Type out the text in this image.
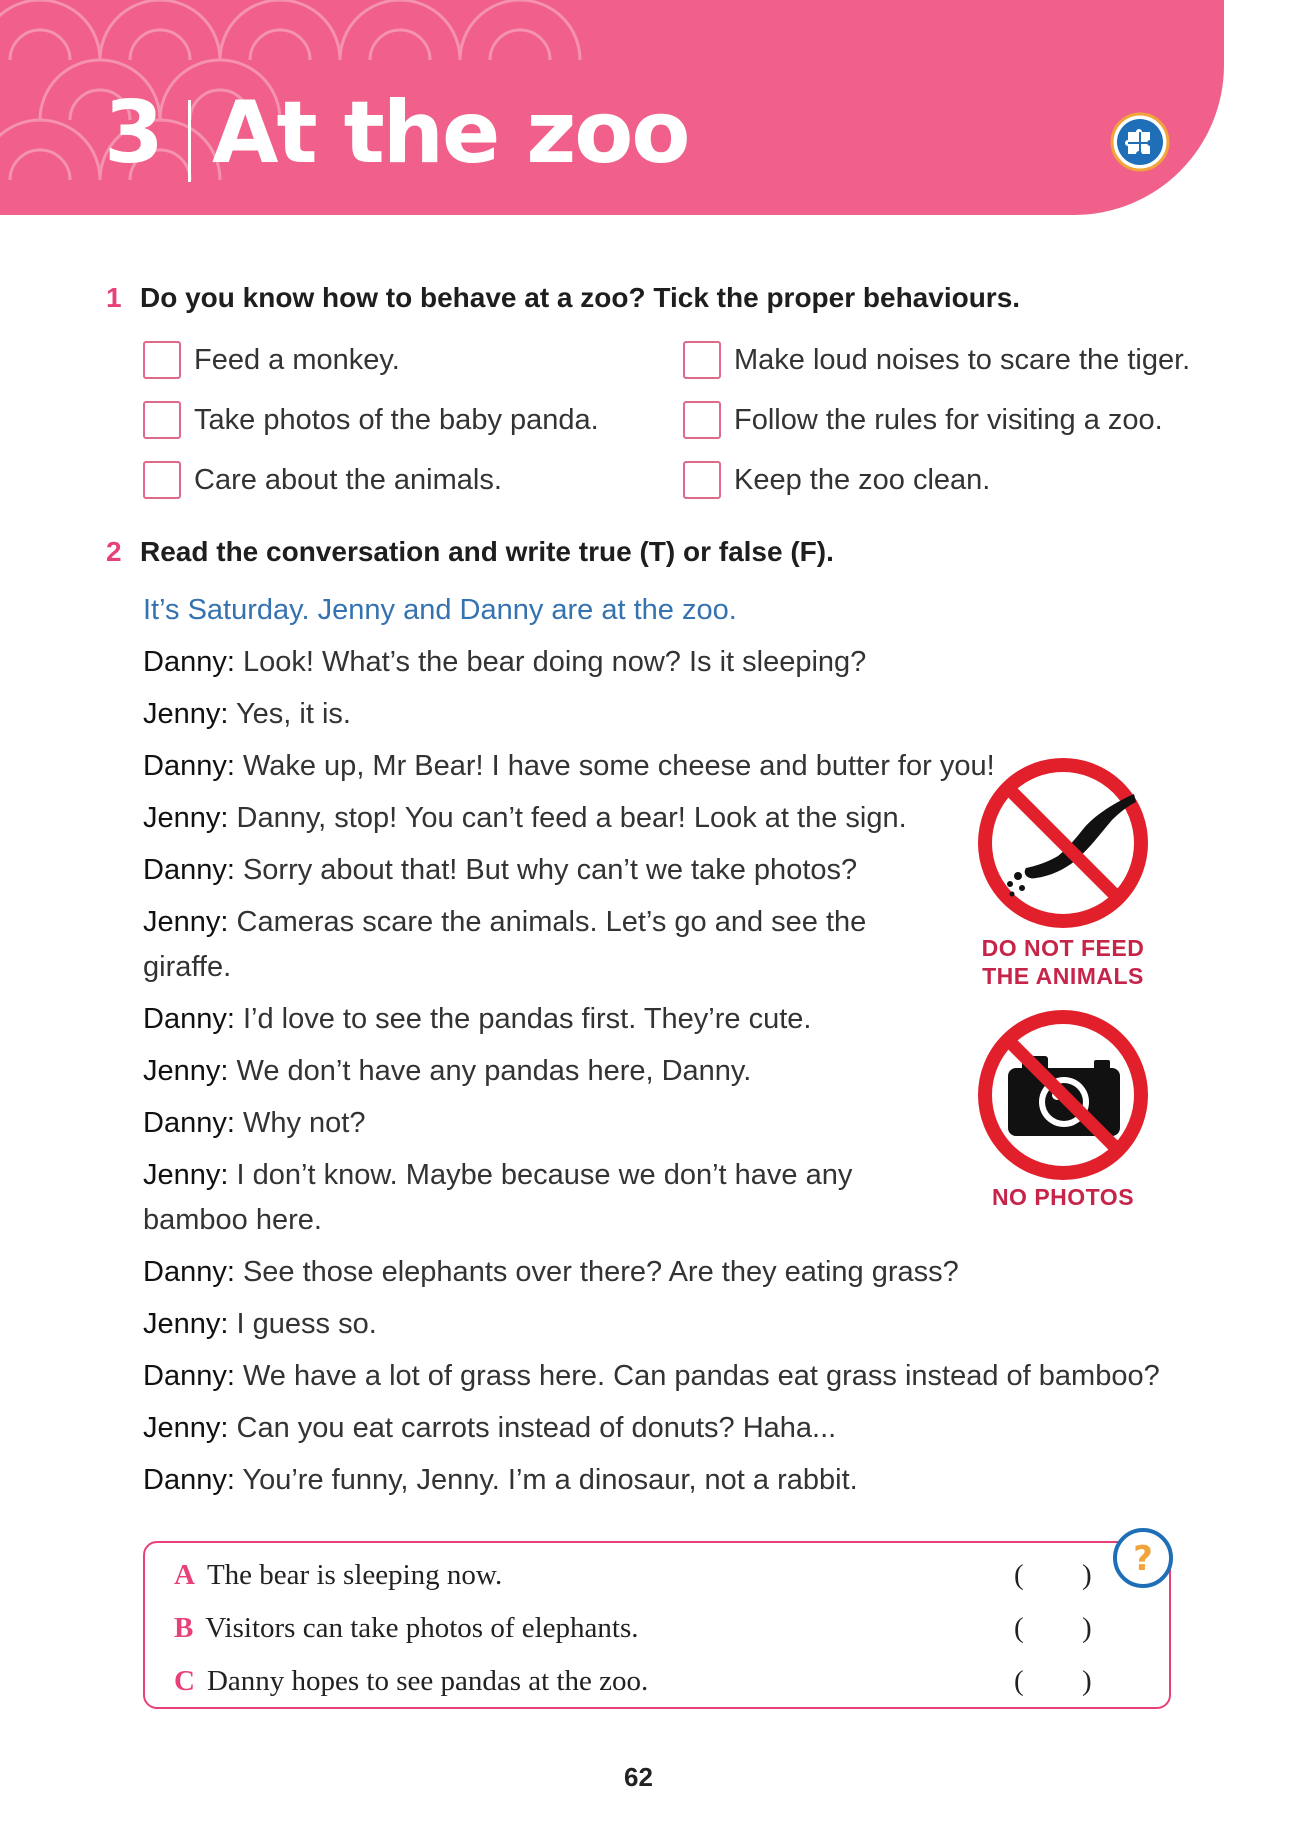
3 At the zoo
1 Do you know how to behave at a zoo? Tick the proper behaviours.
Feed a monkey.	Make loud noises to scare the tiger.
Take photos of the baby panda.	Follow the rules for visiting a zoo.
Care about the animals.	Keep the zoo clean.
2 Read the conversation and write true (T) or false (F).
It’s Saturday. Jenny and Danny are at the zoo.
Danny: Look! What’s the bear doing now? Is it sleeping?
Jenny: Yes, it is.
Danny: Wake up, Mr Bear! I have some cheese and butter for you!
Jenny: Danny, stop! You can’t feed a bear! Look at the sign.
Danny: Sorry about that! But why can’t we take photos?
Jenny: Cameras scare the animals. Let’s go and see the
giraffe.
Danny: I’d love to see the pandas first. They’re cute.
Jenny: We don’t have any pandas here, Danny.
Danny: Why not?
Jenny: I don’t know. Maybe because we don’t have any
bamboo here.
Danny: See those elephants over there? Are they eating grass?
Jenny: I guess so.
Danny: We have a lot of grass here. Can pandas eat grass instead of bamboo?
Jenny: Can you eat carrots instead of donuts? Haha...
Danny: You’re funny, Jenny. I’m a dinosaur, not a rabbit.
DO NOT FEED
THE ANIMALS
NO PHOTOS
A The bear is sleeping now.	( )
B Visitors can take photos of elephants.	( )
C Danny hopes to see pandas at the zoo.	( )
?
62
